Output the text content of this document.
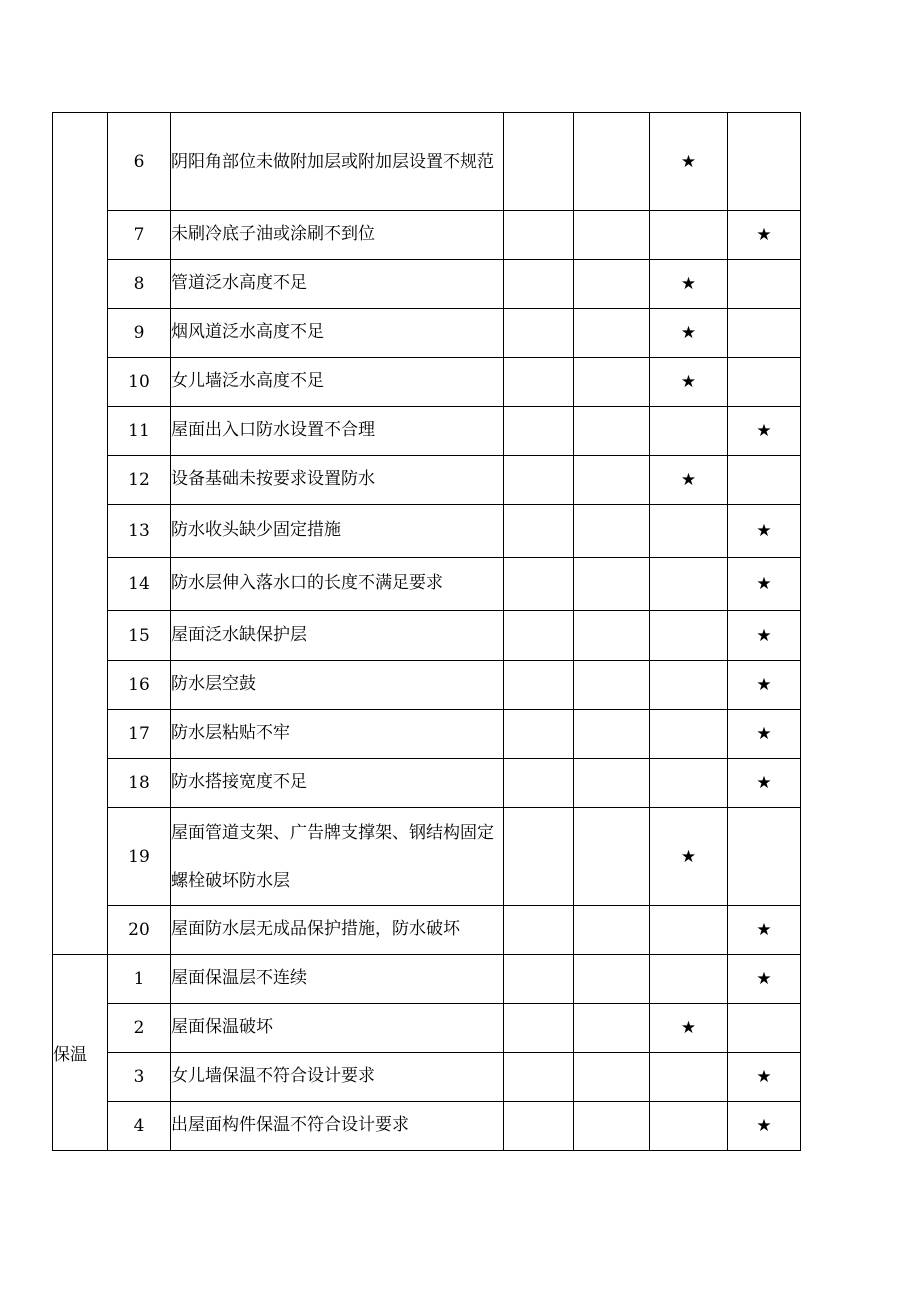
	6	阴阳角部位未做附加层或附加层设置不规范			★	
	7	未刷冷底子油或涂刷不到位				★
	8	管道泛水高度不足			★	
	9	烟风道泛水高度不足			★	
	10	女儿墙泛水高度不足			★	
	11	屋面出入口防水设置不合理				★
	12	设备基础未按要求设置防水			★	
	13	防水收头缺少固定措施				★
	14	防水层伸入落水口的长度不满足要求				★
	15	屋面泛水缺保护层				★
	16	防水层空鼓				★
	17	防水层粘贴不牢				★
	18	防水搭接宽度不足				★
	19	屋面管道支架、广告牌支撑架、钢结构固定螺栓破坏防水层			★	
	20	屋面防水层无成品保护措施，防水破坏				★
保温	1	屋面保温层不连续				★
	2	屋面保温破坏			★	
	3	女儿墙保温不符合设计要求				★
	4	出屋面构件保温不符合设计要求				★
